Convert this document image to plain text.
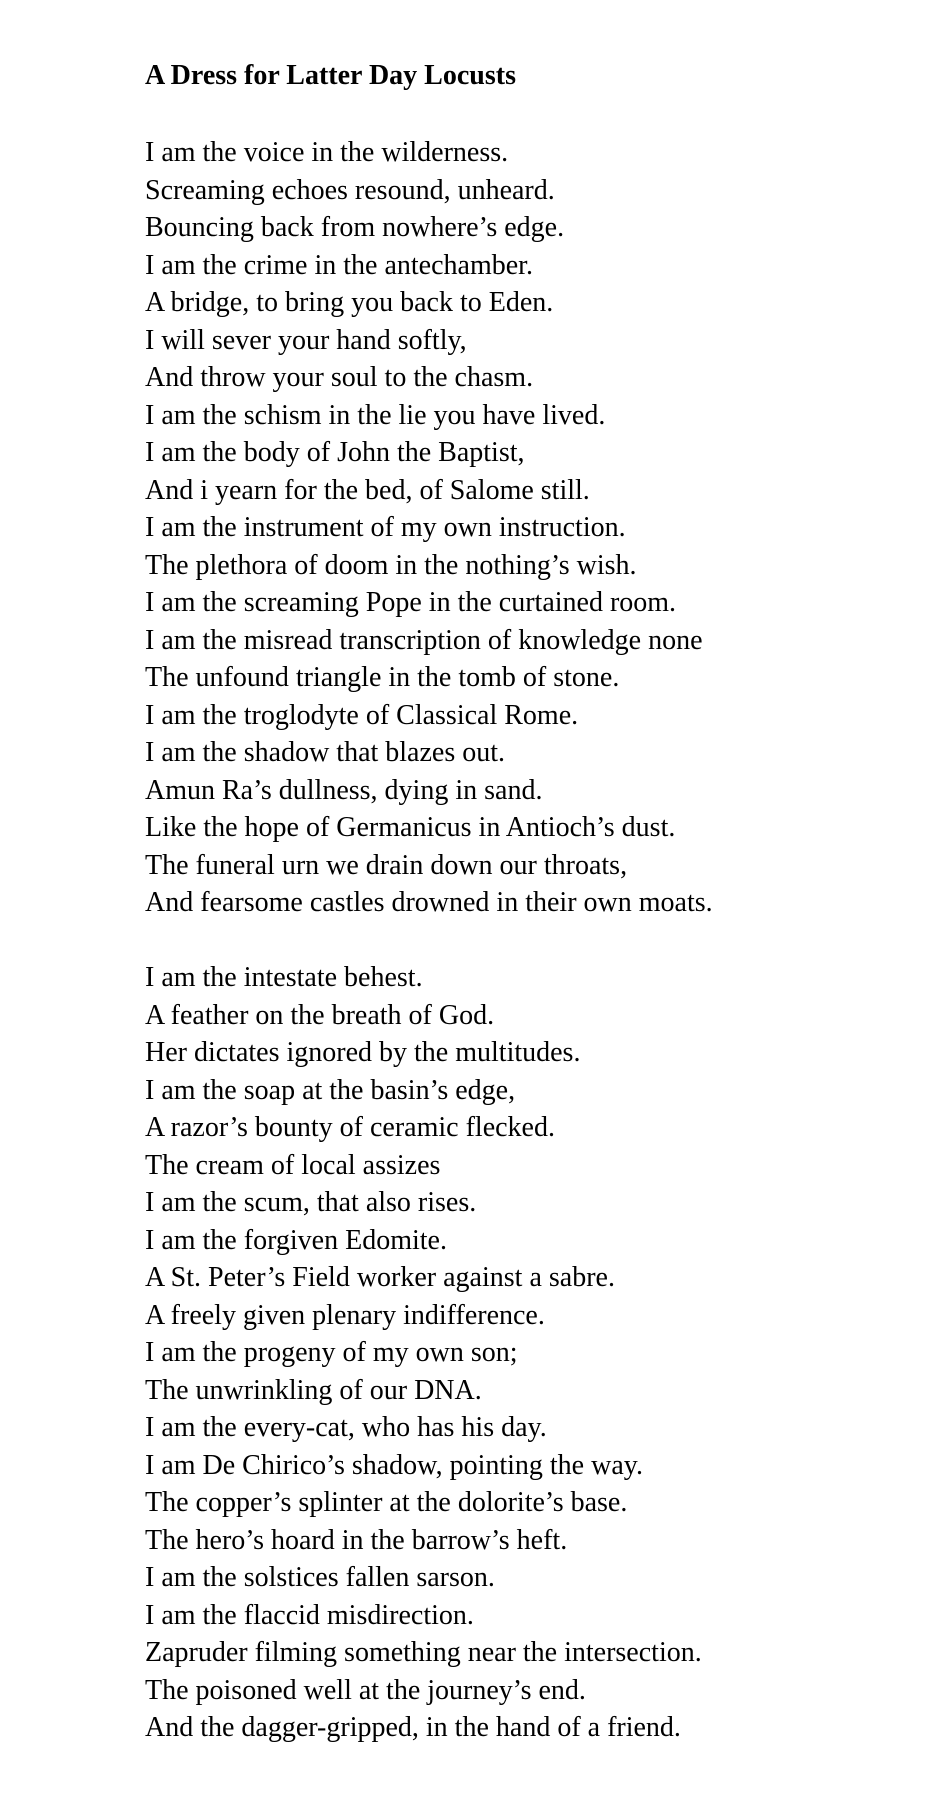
A Dress for Latter Day Locusts
I am the voice in the wilderness.
Screaming echoes resound, unheard.
Bouncing back from nowhere’s edge.
I am the crime in the antechamber.
A bridge, to bring you back to Eden.
I will sever your hand softly,
And throw your soul to the chasm.
I am the schism in the lie you have lived.
I am the body of John the Baptist,
And i yearn for the bed, of Salome still.
I am the instrument of my own instruction.
The plethora of doom in the nothing’s wish.
I am the screaming Pope in the curtained room.
I am the misread transcription of knowledge none
The unfound triangle in the tomb of stone.
I am the troglodyte of Classical Rome.
I am the shadow that blazes out.
Amun Ra’s dullness, dying in sand.
Like the hope of Germanicus in Antioch’s dust.
The funeral urn we drain down our throats,
And fearsome castles drowned in their own moats.
I am the intestate behest.
A feather on the breath of God.
Her dictates ignored by the multitudes.
I am the soap at the basin’s edge,
A razor’s bounty of ceramic flecked.
The cream of local assizes
I am the scum, that also rises.
I am the forgiven Edomite.
A St. Peter’s Field worker against a sabre.
A freely given plenary indifference.
I am the progeny of my own son;
The unwrinkling of our DNA.
I am the every-cat, who has his day.
I am De Chirico’s shadow, pointing the way.
The copper’s splinter at the dolorite’s base.
The hero’s hoard in the barrow’s heft.
I am the solstices fallen sarson.
I am the flaccid misdirection.
Zapruder filming something near the intersection.
The poisoned well at the journey’s end.
And the dagger-gripped, in the hand of a friend.
